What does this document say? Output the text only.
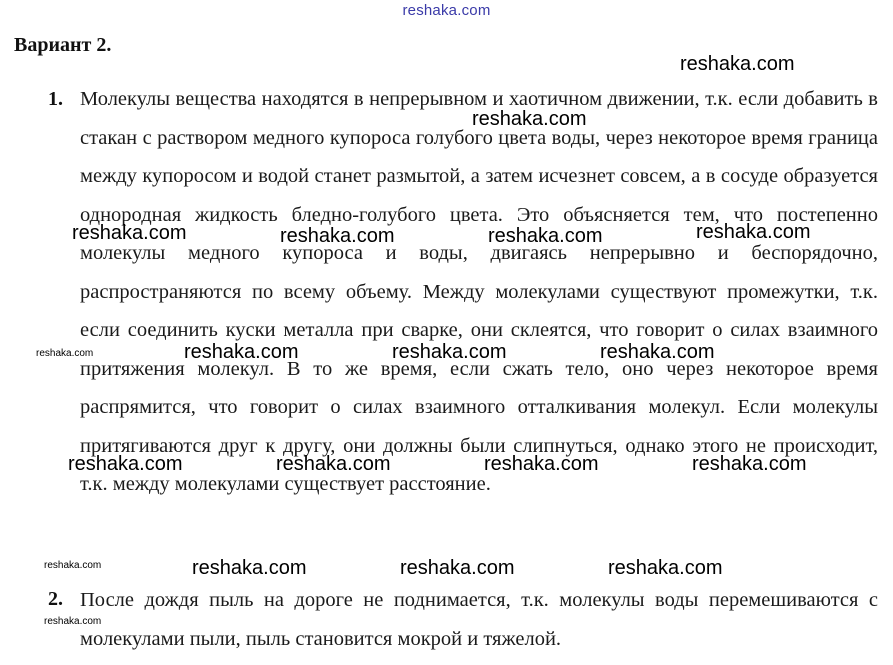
reshaka.com
Вариант 2.
1. Молекулы вещества находятся в непрерывном и хаотичном движении, т.к. если добавить в стакан с раствором медного купороса голубого цвета воды, через некоторое время граница между купоросом и водой станет размытой, а затем исчезнет совсем, а в сосуде образуется однородная жидкость бледно-голубого цвета. Это объясняется тем, что постепенно молекулы медного купороса и воды, двигаясь непрерывно и беспорядочно, распространяются по всему объему. Между молекулами существуют промежутки, т.к. если соединить куски металла при сварке, они склеятся, что говорит о силах взаимного притяжения молекул. В то же время, если сжать тело, оно через некоторое время распрямится, что говорит о силах взаимного отталкивания молекул. Если молекулы притягиваются друг к другу, они должны были слипнуться, однако этого не происходит, т.к. между молекулами существует расстояние.
2. После дождя пыль на дороге не поднимается, т.к. молекулы воды перемешиваются с молекулами пыли, пыль становится мокрой и тяжелой.
reshaka.com
reshaka.com
reshaka.com	reshaka.com	reshaka.com	reshaka.com
reshaka.com	reshaka.com	reshaka.com	reshaka.com
reshaka.com	reshaka.com	reshaka.com	reshaka.com
reshaka.com	reshaka.com	reshaka.com	reshaka.com
reshaka.com
